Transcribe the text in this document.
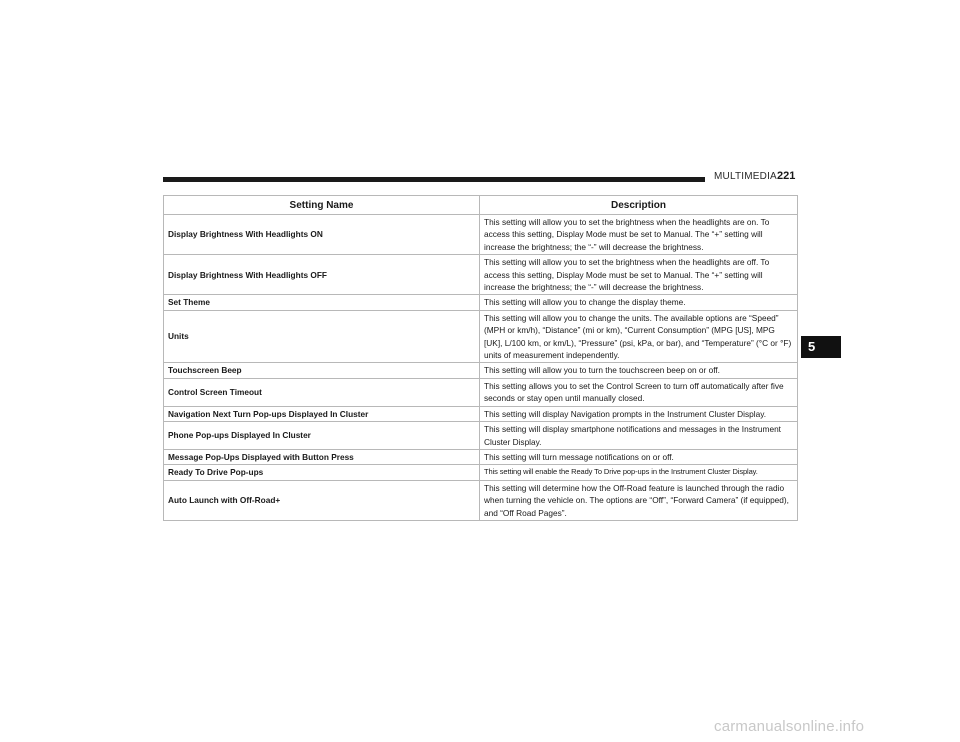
MULTIMEDIA 221
Setting Name	Description
Display Brightness With Headlights ON	This setting will allow you to set the brightness when the headlights are on. To access this setting, Display Mode must be set to Manual. The “+” setting will increase the brightness; the “-” will decrease the brightness.
Display Brightness With Headlights OFF	This setting will allow you to set the brightness when the headlights are off. To access this setting, Display Mode must be set to Manual. The “+” setting will increase the brightness; the “-” will decrease the brightness.
Set Theme	This setting will allow you to change the display theme.
Units	This setting will allow you to change the units. The available options are “Speed” (MPH or km/h), “Distance” (mi or km), “Current Consumption” (MPG [US], MPG [UK], L/100 km, or km/L), “Pressure” (psi, kPa, or bar), and “Temperature” (°C or °F) units of measurement independently.
Touchscreen Beep	This setting will allow you to turn the touchscreen beep on or off.
Control Screen Timeout	This setting allows you to set the Control Screen to turn off automatically after five seconds or stay open until manually closed.
Navigation Next Turn Pop-ups Displayed In Cluster	This setting will display Navigation prompts in the Instrument Cluster Display.
Phone Pop-ups Displayed In Cluster	This setting will display smartphone notifications and messages in the Instrument Cluster Display.
Message Pop-Ups Displayed with Button Press	This setting will turn message notifications on or off.
Ready To Drive Pop-ups	This setting will enable the Ready To Drive pop-ups in the Instrument Cluster Display.
Auto Launch with Off-Road+	This setting will determine how the Off-Road feature is launched through the radio when turning the vehicle on. The options are “Off”, “Forward Camera” (if equipped), and “Off Road Pages”.
5
carmanualsonline.info
